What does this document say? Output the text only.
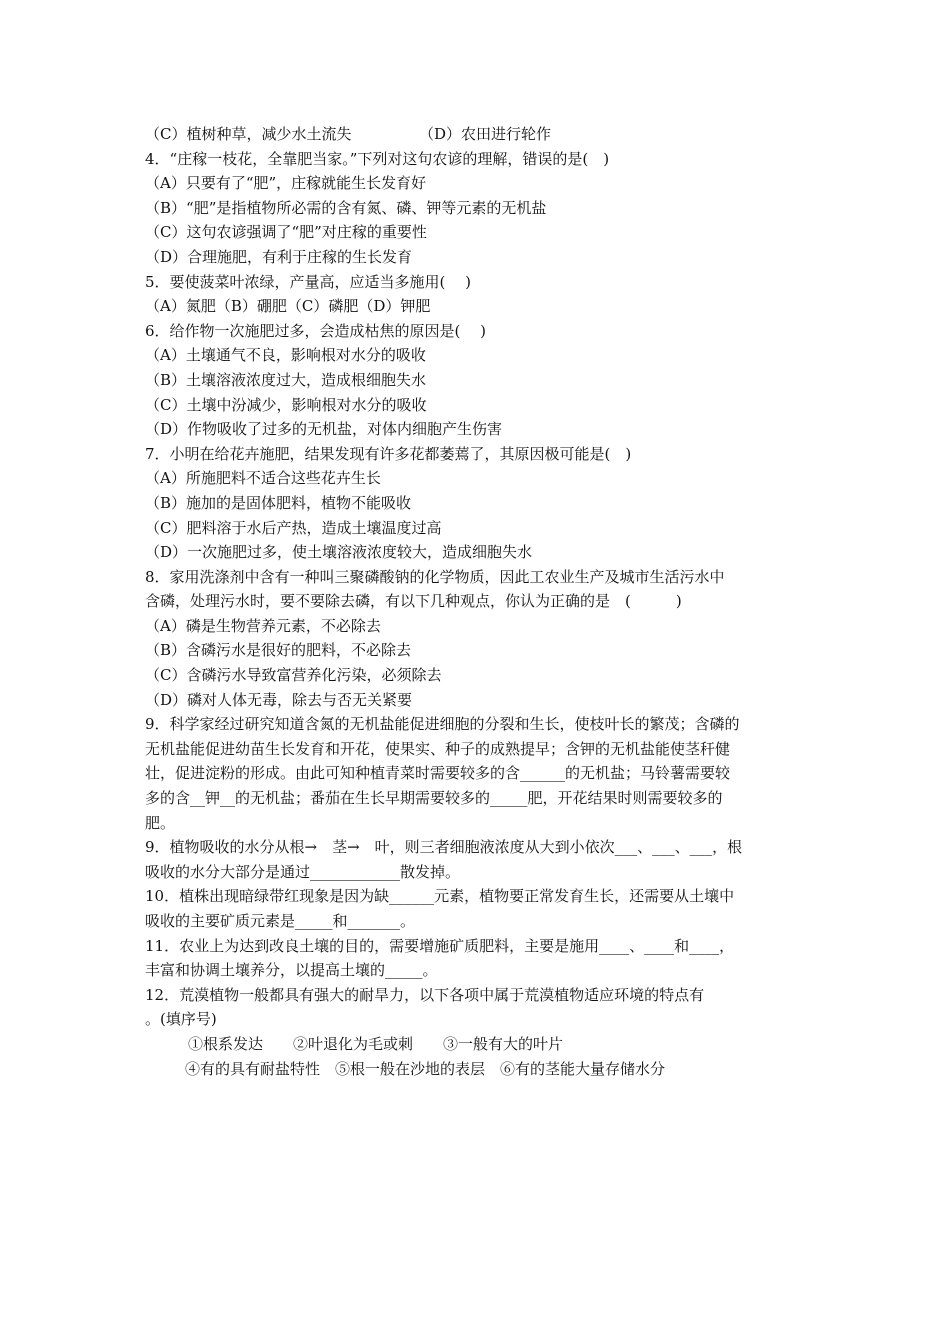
（C）植树种草，减少水土流失　　　　　（D）农田进行轮作
4．“庄稼一枝花，全靠肥当家。”下列对这句农谚的理解，错误的是(　)
（A）只要有了“肥”，庄稼就能生长发育好
（B）“肥”是指植物所必需的含有氮、磷、钾等元素的无机盐
（C）这句农谚强调了“肥”对庄稼的重要性
（D）合理施肥，有利于庄稼的生长发育
5．要使菠菜叶浓绿，产量高，应适当多施用(　 )
（A）氮肥（B）硼肥（C）磷肥（D）钾肥
6．给作物一次施肥过多，会造成枯焦的原因是(　 )
（A）土壤通气不良，影响根对水分的吸收
（B）土壤溶液浓度过大，造成根细胞失水
（C）土壤中汾减少，影响根对水分的吸收
（D）作物吸收了过多的无机盐，对体内细胞产生伤害
7．小明在给花卉施肥，结果发现有许多花都萎蔫了，其原因极可能是(　)
（A）所施肥料不适合这些花卉生长
（B）施加的是固体肥料，植物不能吸收
（C）肥料溶于水后产热，造成土壤温度过高
（D）一次施肥过多，使土壤溶液浓度较大，造成细胞失水
8．家用洗涤剂中含有一种叫三聚磷酸钠的化学物质，因此工农业生产及城市生活污水中
含磷，处理污水时，要不要除去磷，有以下几种观点，你认为正确的是　(　　　)
（A）磷是生物营养元素，不必除去
（B）含磷污水是很好的肥料，不必除去
（C）含磷污水导致富营养化污染，必须除去
（D）磷对人体无毒，除去与否无关紧要
9．科学家经过研究知道含氮的无机盐能促进细胞的分裂和生长，使枝叶长的繁茂；含磷的
无机盐能促进幼苗生长发育和开花，使果实、种子的成熟提早；含钾的无机盐能使茎秆健
壮，促进淀粉的形成。由此可知种植青菜时需要较多的含______的无机盐；马铃薯需要较
多的含__钾__的无机盐；番茄在生长早期需要较多的_____肥，开花结果时则需要较多的
肥。
9．植物吸收的水分从根→　茎→　叶，则三者细胞液浓度从大到小依次___、___、___，根
吸收的水分大部分是通过____________散发掉。
10．植株出现暗绿带红现象是因为缺______元素，植物要正常发育生长，还需要从土壤中
吸收的主要矿质元素是_____和_______。
11．农业上为达到改良土壤的目的，需要增施矿质肥料，主要是施用____、____和____，
丰富和协调土壤养分，以提高土壤的_____。
12．荒漠植物一般都具有强大的耐旱力，以下各项中属于荒漠植物适应环境的特点有
。(填序号)
①根系发达　　②叶退化为毛或刺　　③一般有大的叶片
④有的具有耐盐特性　⑤根一般在沙地的表层　⑥有的茎能大量存储水分
